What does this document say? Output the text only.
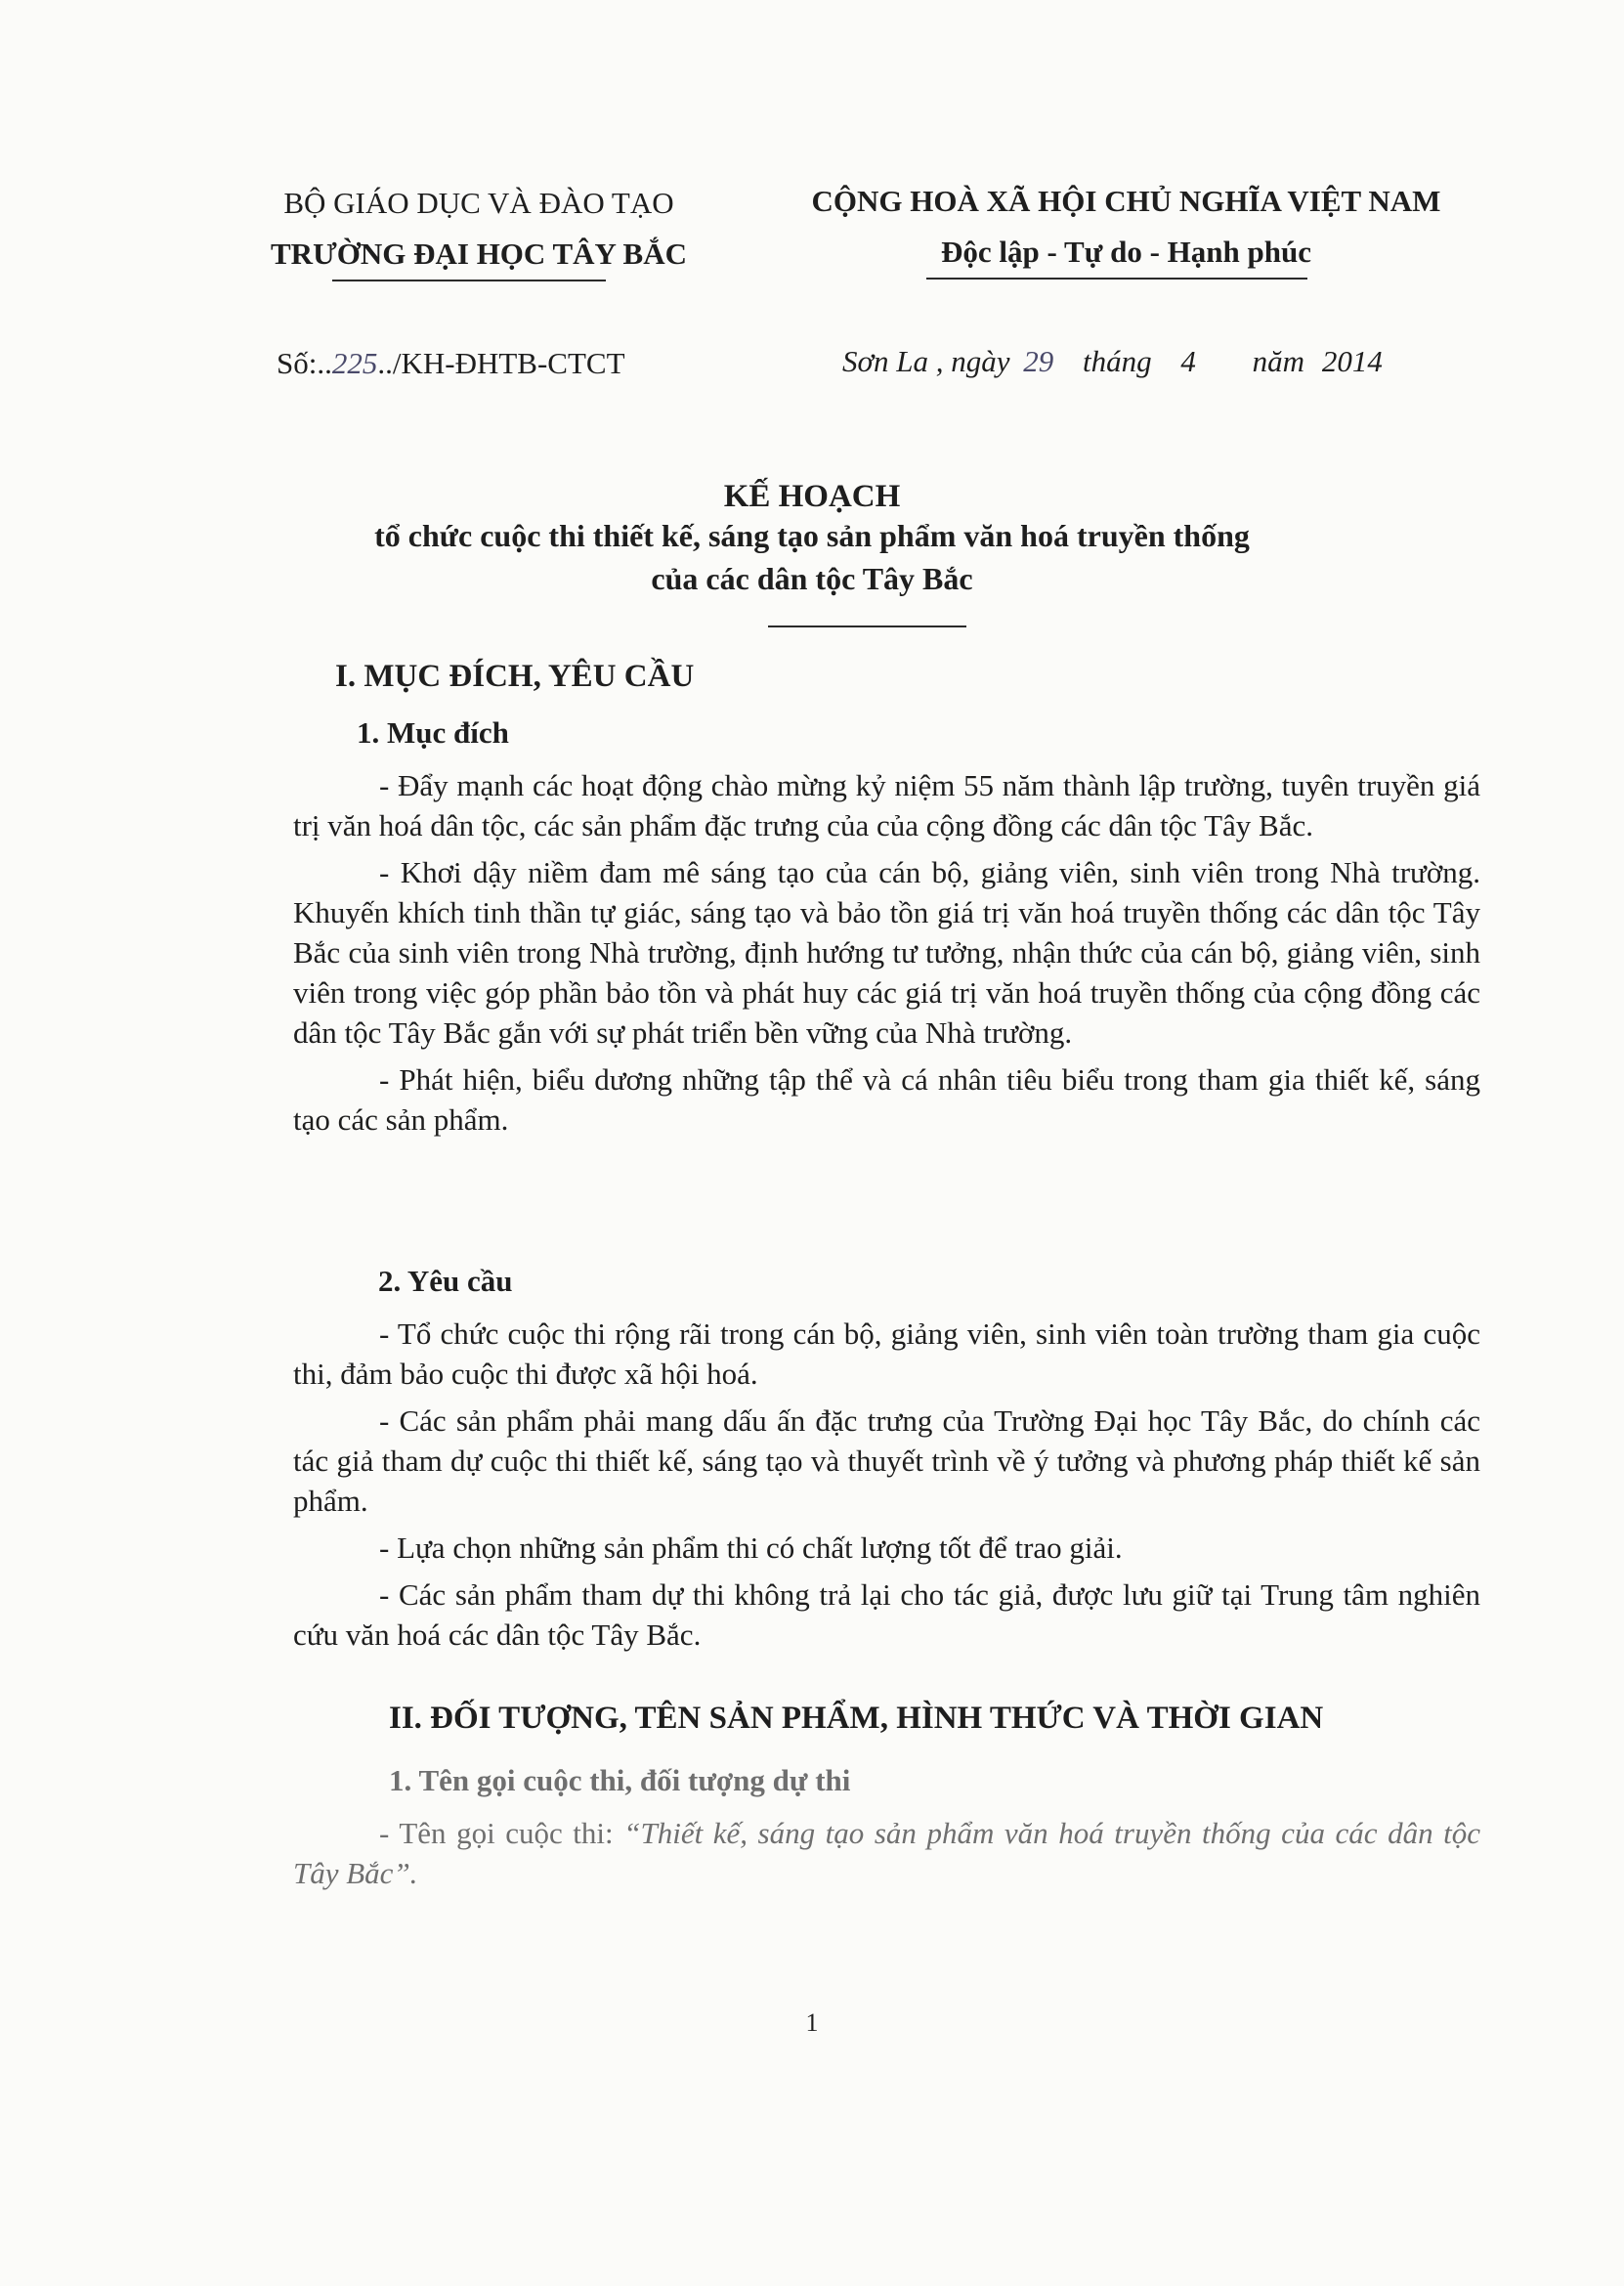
BỘ GIÁO DỤC VÀ ĐÀO TẠO
TRƯỜNG ĐẠI HỌC TÂY BẮC
CỘNG HOÀ XÃ HỘI CHỦ NGHĨA VIỆT NAM
Độc lập - Tự do - Hạnh phúc
Số:..225../KH-ĐHTB-CTCT	Sơn La , ngày 29 tháng 4 năm 2014
KẾ HOẠCH
tổ chức cuộc thi thiết kế, sáng tạo sản phẩm văn hoá truyền thống
của các dân tộc Tây Bắc
I. MỤC ĐÍCH, YÊU CẦU
1. Mục đích

- Đẩy mạnh các hoạt động chào mừng kỷ niệm 55 năm thành lập trường, tuyên truyền giá trị văn hoá dân tộc, các sản phẩm đặc trưng của của cộng đồng các dân tộc Tây Bắc.

- Khơi dậy niềm đam mê sáng tạo của cán bộ, giảng viên, sinh viên trong Nhà trường. Khuyến khích tinh thần tự giác, sáng tạo và bảo tồn giá trị văn hoá truyền thống các dân tộc Tây Bắc của sinh viên trong Nhà trường, định hướng tư tưởng, nhận thức của cán bộ, giảng viên, sinh viên trong việc góp phần bảo tồn và phát huy các giá trị văn hoá truyền thống của cộng đồng các dân tộc Tây Bắc gắn với sự phát triển bền vững của Nhà trường.

- Phát hiện, biểu dương những tập thể và cá nhân tiêu biểu trong tham gia thiết kế, sáng tạo các sản phẩm.

2. Yêu cầu

- Tổ chức cuộc thi rộng rãi trong cán bộ, giảng viên, sinh viên toàn trường tham gia cuộc thi, đảm bảo cuộc thi được xã hội hoá.

- Các sản phẩm phải mang dấu ấn đặc trưng của Trường Đại học Tây Bắc, do chính các tác giả tham dự cuộc thi thiết kế, sáng tạo và thuyết trình về ý tưởng và phương pháp thiết kế sản phẩm.

- Lựa chọn những sản phẩm thi có chất lượng tốt để trao giải.

- Các sản phẩm tham dự thi không trả lại cho tác giả, được lưu giữ tại Trung tâm nghiên cứu văn hoá các dân tộc Tây Bắc.

II. ĐỐI TƯỢNG, TÊN SẢN PHẨM, HÌNH THỨC VÀ THỜI GIAN
1. Tên gọi cuộc thi, đối tượng dự thi

- Tên gọi cuộc thi: “Thiết kế, sáng tạo sản phẩm văn hoá truyền thống của các dân tộc Tây Bắc”.

1
